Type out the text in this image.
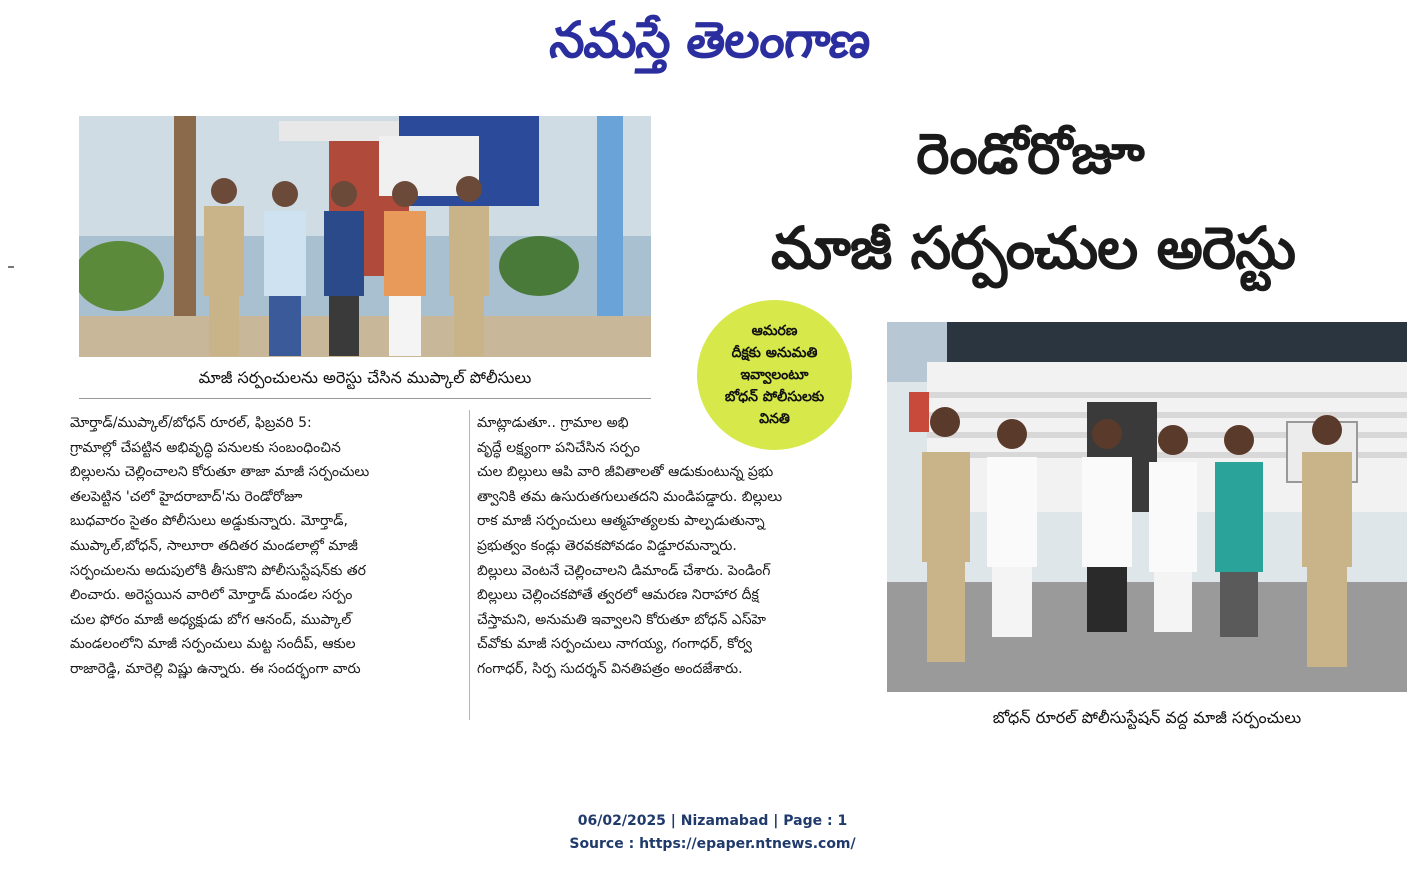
నమస్తే తెలంగాణ
మాజీ సర్పంచులను అరెస్టు చేసిన ముప్కాల్ పోలీసులు
రెండోరోజూ
మాజీ సర్పంచుల అరెస్టు
ఆమరణ
దీక్షకు అనుమతి
ఇవ్వాలంటూ
బోధన్ పోలీసులకు
వినతి
బోధన్ రూరల్ పోలీసుస్టేషన్ వద్ద మాజీ సర్పంచులు
మోర్తాడ్/ముప్కాల్/బోధన్ రూరల్, ఫిబ్రవరి 5:
గ్రామాల్లో చేపట్టిన అభివృద్ధి పనులకు సంబంధించిన
బిల్లులను చెల్లించాలని కోరుతూ తాజా మాజీ సర్పంచులు
తలపెట్టిన 'చలో హైదరాబాద్'ను రెండోరోజూ
బుధవారం సైతం పోలీసులు అడ్డుకున్నారు. మోర్తాడ్,
ముప్కాల్,బోధన్, సాలూరా తదితర మండలాల్లో మాజీ
సర్పంచులను అదుపులోకి తీసుకొని పోలీసుస్టేషన్‌కు తర
లించారు. అరెస్టయిన వారిలో మోర్తాడ్ మండల సర్పం
చుల ఫోరం మాజీ అధ్యక్షుడు బోగ ఆనంద్, ముప్కాల్
మండలంలోని మాజీ సర్పంచులు మట్ట సందీప్, ఆకుల
రాజారెడ్డి, మారెల్లి విష్ణు ఉన్నారు. ఈ సందర్భంగా వారు
మాట్లాడుతూ.. గ్రామాల అభి
వృద్ధే లక్ష్యంగా పనిచేసిన సర్పం
చుల బిల్లులు ఆపి వారి జీవితాలతో ఆడుకుంటున్న ప్రభు
త్వానికి తమ ఉసురుతగులుతదని మండిపడ్డారు. బిల్లులు
రాక మాజీ సర్పంచులు ఆత్మహత్యలకు పాల్పడుతున్నా
ప్రభుత్వం కండ్లు తెరవకపోవడం విడ్డూరమన్నారు.
బిల్లులు వెంటనే చెల్లించాలని డిమాండ్ చేశారు. పెండింగ్
బిల్లులు చెల్లించకపోతే త్వరలో ఆమరణ నిరాహార దీక్ష
చేస్తామని, అనుమతి ఇవ్వాలని కోరుతూ బోధన్ ఎస్‌హె
చ్‌వోకు మాజీ సర్పంచులు నాగయ్య, గంగాధర్, కోర్వ
గంగాధర్, సిర్ప సుదర్శన్ వినతిపత్రం అందజేశారు.
06/02/2025 | Nizamabad | Page : 1
Source : https://epaper.ntnews.com/
